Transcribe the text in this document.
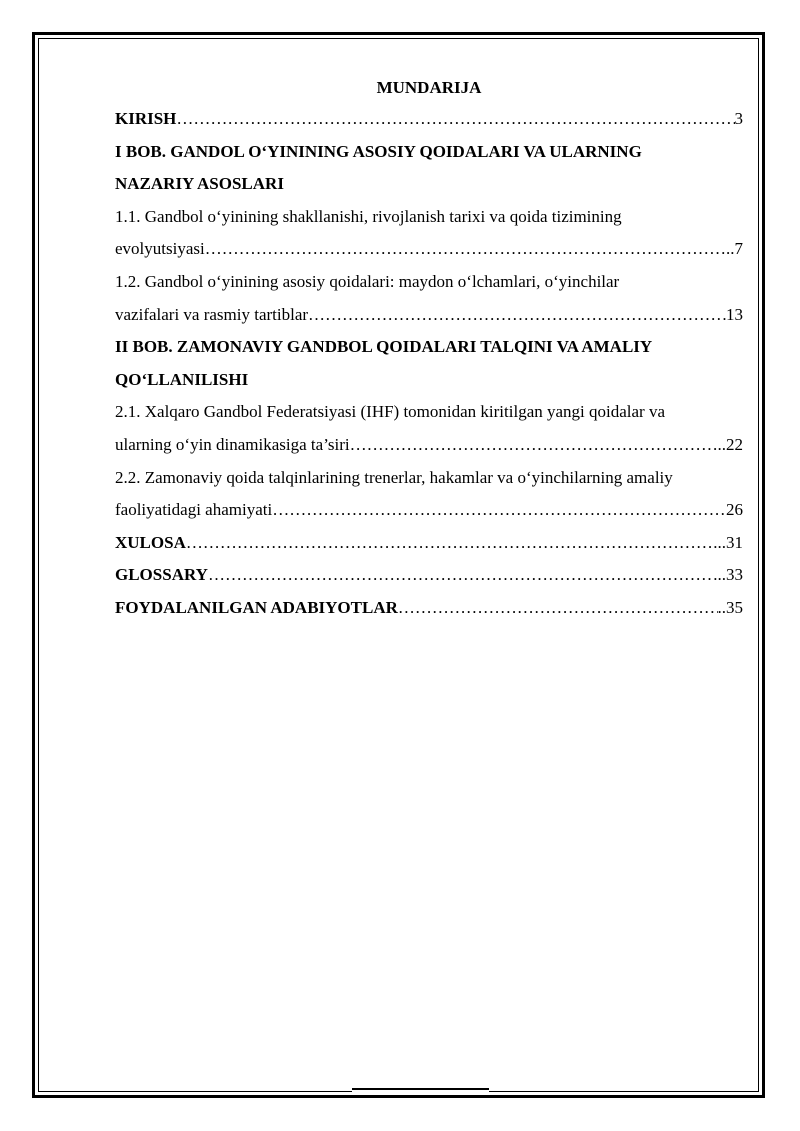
MUNDARIJA
KIRISH ……………………………………………………………………………………………………………………………………………………	3
I BOB. GANDOL O‘YININING ASOSIY QOIDALARI VA ULARNING
NAZARIY ASOSLARI
1.1. Gandbol o‘yinining shakllanishi, rivojlanish tarixi va qoida tizimining
evolyutsiyasi ……………………………………………………………………………………………………………………………………………………	..7
1.2. Gandbol o‘yinining asosiy qoidalari: maydon o‘lchamlari, o‘yinchilar
vazifalari va rasmiy tartiblar ……………………………………………………………………………………………………………………………………………………	13
II BOB. ZAMONAVIY GANDBOL QOIDALARI TALQINI VA AMALIY
QO‘LLANILISHI
2.1. Xalqaro Gandbol Federatsiyasi (IHF) tomonidan kiritilgan yangi qoidalar va
ularning o‘yin dinamikasiga ta’siri ……………………………………………………………………………………………………………………………………………………	..22
2.2. Zamonaviy qoida talqinlarining trenerlar, hakamlar va o‘yinchilarning amaliy
faoliyatidagi ahamiyati ……………………………………………………………………………………………………………………………………………………	26
XULOSA ……………………………………………………………………………………………………………………………………………………	...31
GLOSSARY ……………………………………………………………………………………………………………………………………………………	...33
FOYDALANILGAN ADABIYOTLAR ……………………………………………………………………………………………………………………………………………………	..35
